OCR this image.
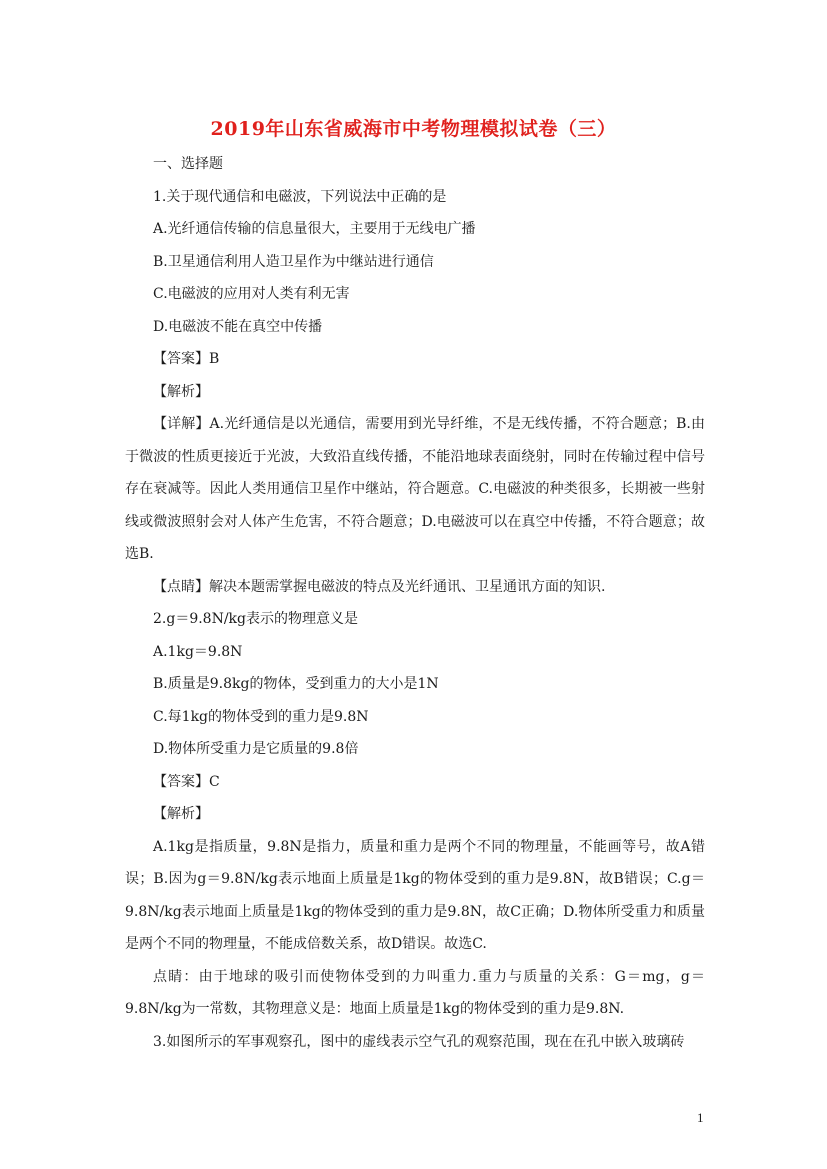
2019年山东省威海市中考物理模拟试卷（三）

一、选择题

1.关于现代通信和电磁波，下列说法中正确的是

A.光纤通信传输的信息量很大，主要用于无线电广播

B.卫星通信利用人造卫星作为中继站进行通信

C.电磁波的应用对人类有利无害

D.电磁波不能在真空中传播

【答案】B

【解析】

【详解】A.光纤通信是以光通信，需要用到光导纤维，不是无线传播，不符合题意；B.由于微波的性质更接近于光波，大致沿直线传播，不能沿地球表面绕射，同时在传输过程中信号存在衰减等。因此人类用通信卫星作中继站，符合题意。C.电磁波的种类很多，长期被一些射线或微波照射会对人体产生危害，不符合题意；D.电磁波可以在真空中传播，不符合题意；故选B.

【点睛】解决本题需掌握电磁波的特点及光纤通讯、卫星通讯方面的知识.

2.g＝9.8N/kg表示的物理意义是

A.1kg＝9.8N

B.质量是9.8kg的物体，受到重力的大小是1N

C.每1kg的物体受到的重力是9.8N

D.物体所受重力是它质量的9.8倍

【答案】C

【解析】

A.1kg是指质量，9.8N是指力，质量和重力是两个不同的物理量，不能画等号，故A错误；B.因为g＝9.8N/kg表示地面上质量是1kg的物体受到的重力是9.8N，故B错误；C.g＝9.8N/kg表示地面上质量是1kg的物体受到的重力是9.8N，故C正确；D.物体所受重力和质量是两个不同的物理量，不能成倍数关系，故D错误。故选C.

点睛：由于地球的吸引而使物体受到的力叫重力.重力与质量的关系：G＝mg，g＝9.8N/kg为一常数，其物理意义是：地面上质量是1kg的物体受到的重力是9.8N.

3.如图所示的军事观察孔，图中的虚线表示空气孔的观察范围，现在在孔中嵌入玻璃砖

1
